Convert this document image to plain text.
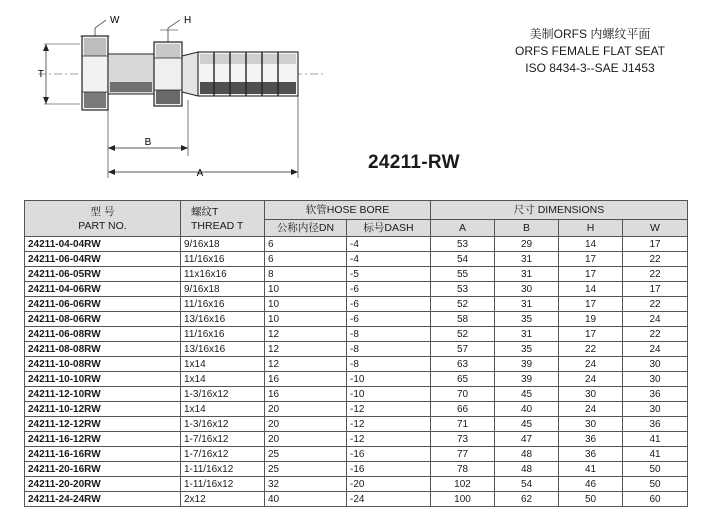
W	H
T
B
A
美制ORFS 内螺纹平面
ORFS FEMALE FLAT SEAT
ISO 8434-3--SAE J1453
24211-RW
型 号
PART NO.	螺纹T
THREAD T	软管HOSE BORE		尺寸 DIMENSIONS			
		公称内径DN	标号DASH	A	B	H	W
24211-04-04RW	9/16x18	6	-4	53	29	14	17
24211-06-04RW	11/16x16	6	-4	54	31	17	22
24211-06-05RW	11x16x16	8	-5	55	31	17	22
24211-04-06RW	9/16x18	10	-6	53	30	14	17
24211-06-06RW	11/16x16	10	-6	52	31	17	22
24211-08-06RW	13/16x16	10	-6	58	35	19	24
24211-06-08RW	11/16x16	12	-8	52	31	17	22
24211-08-08RW	13/16x16	12	-8	57	35	22	24
24211-10-08RW	1x14	12	-8	63	39	24	30
24211-10-10RW	1x14	16	-10	65	39	24	30
24211-12-10RW	1-3/16x12	16	-10	70	45	30	36
24211-10-12RW	1x14	20	-12	66	40	24	30
24211-12-12RW	1-3/16x12	20	-12	71	45	30	36
24211-16-12RW	1-7/16x12	20	-12	73	47	36	41
24211-16-16RW	1-7/16x12	25	-16	77	48	36	41
24211-20-16RW	1-11/16x12	25	-16	78	48	41	50
24211-20-20RW	1-11/16x12	32	-20	102	54	46	50
24211-24-24RW	2x12	40	-24	100	62	50	60
